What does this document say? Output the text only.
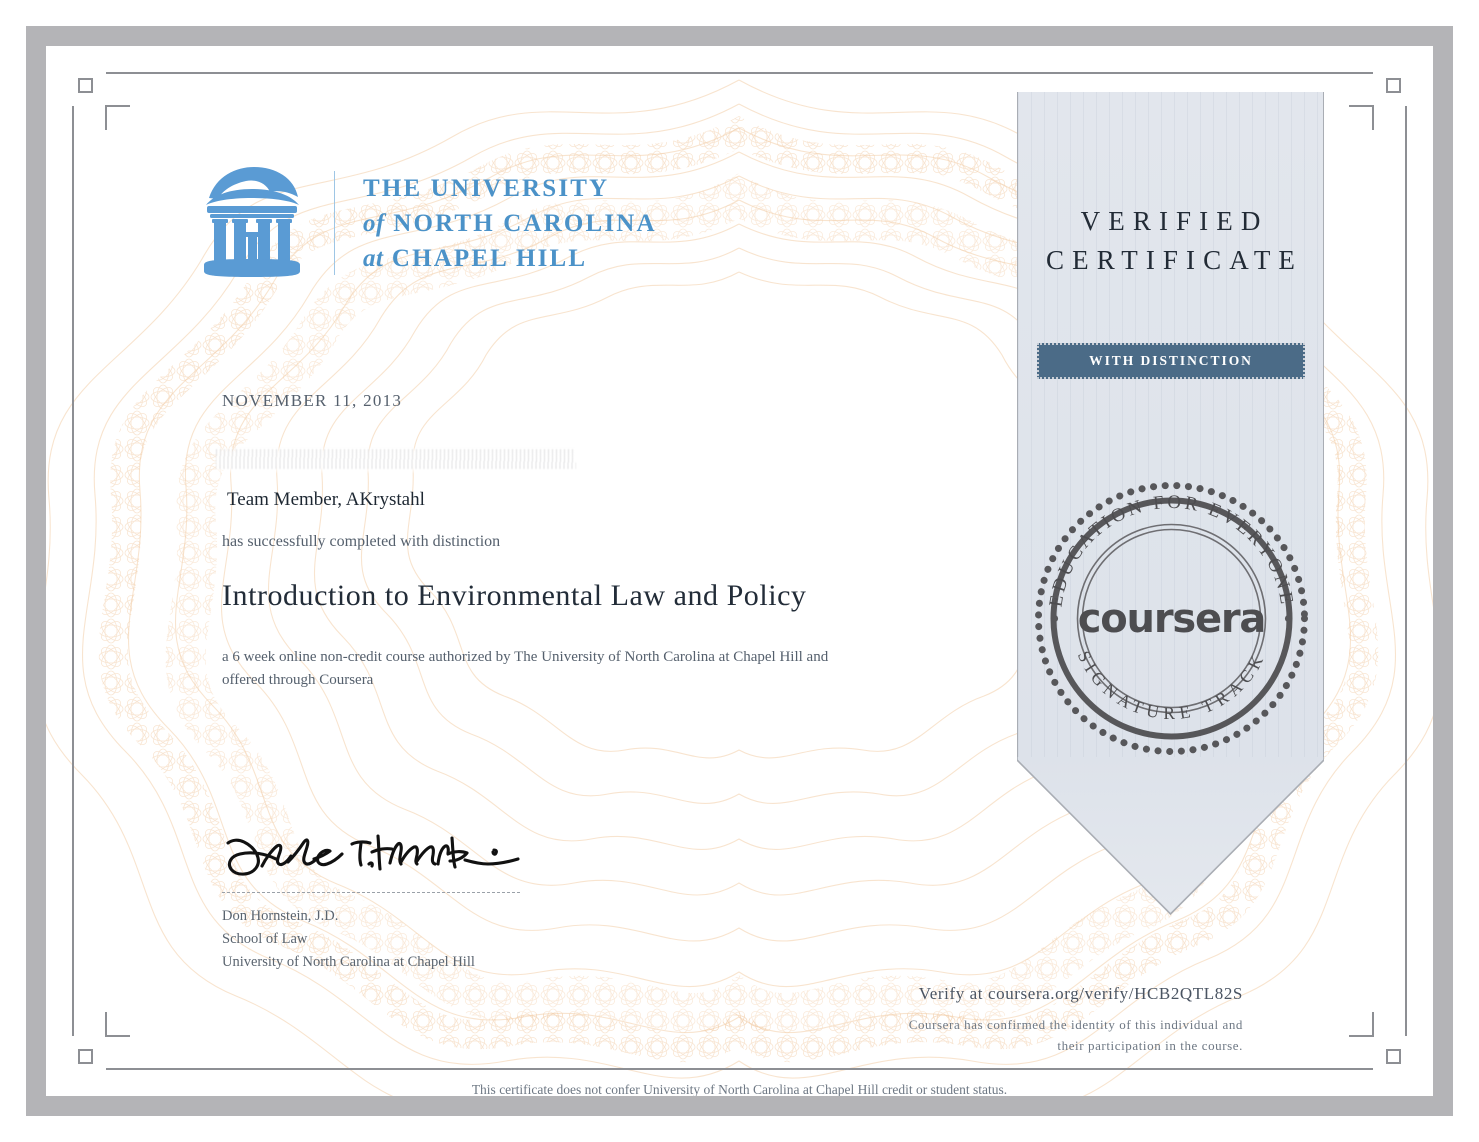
VERIFIED
CERTIFICATE
WITH DISTINCTION
EDUCATION FOR EVERYONE
SIGNATURE TRACK
coursera
THE UNIVERSITY
of NORTH CAROLINA
at CHAPEL HILL
NOVEMBER 11, 2013
Team Member, AKrystahl
has successfully completed with distinction
Introduction to Environmental Law and Policy
a 6 week online non-credit course authorized by The University of North Carolina at Chapel Hill and offered through Coursera
Don Hornstein, J.D.
School of Law
University of North Carolina at Chapel Hill
Verify at coursera.org/verify/HCB2QTL82S
Coursera has confirmed the identity of this individual and
their participation in the course.
This certificate does not confer University of North Carolina at Chapel Hill credit or student status.
